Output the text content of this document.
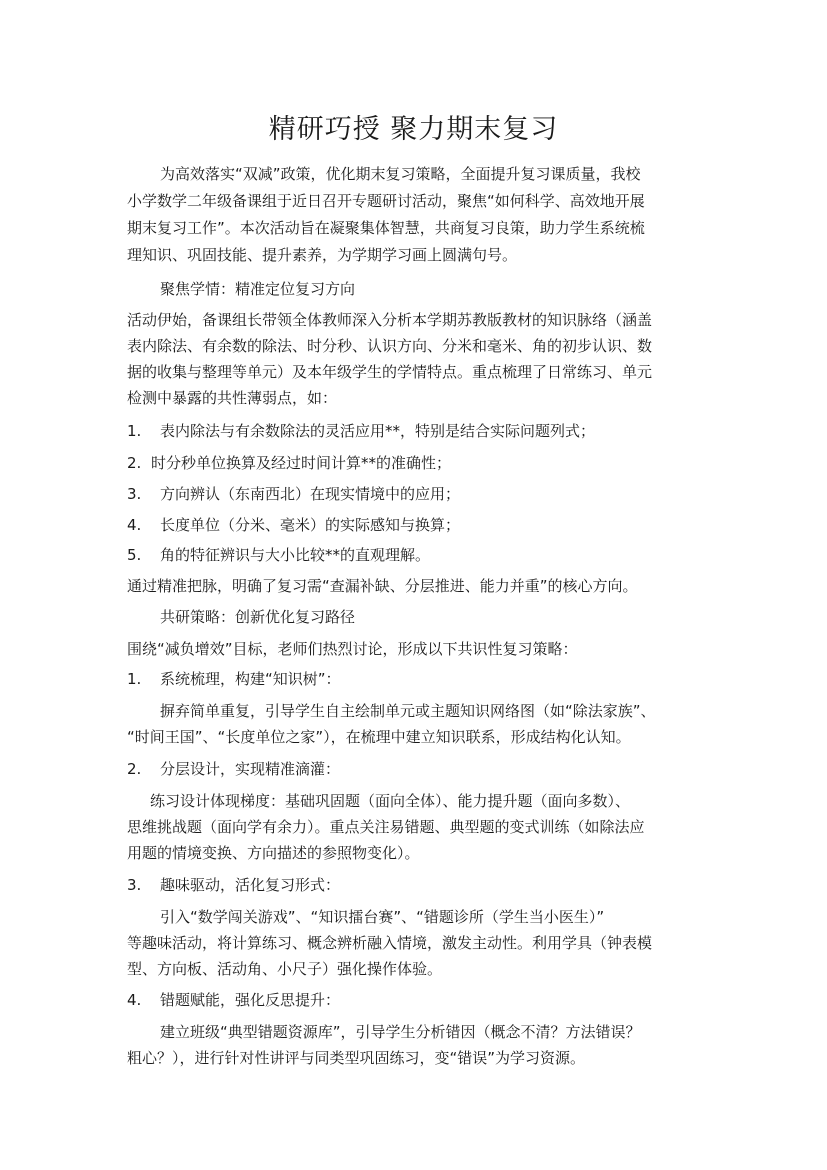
精研巧授 聚力期末复习

为高效落实“双减”政策，优化期末复习策略，全面提升复习课质量，我校

小学数学二年级备课组于近日召开专题研讨活动，聚焦“如何科学、高效地开展

期末复习工作”。本次活动旨在凝聚集体智慧，共商复习良策，助力学生系统梳

理知识、巩固技能、提升素养，为学期学习画上圆满句号。

聚焦学情：精准定位复习方向

活动伊始，备课组长带领全体教师深入分析本学期苏教版教材的知识脉络（涵盖

表内除法、有余数的除法、时分秒、认识方向、分米和毫米、角的初步认识、数

据的收集与整理等单元）及本年级学生的学情特点。重点梳理了日常练习、单元

检测中暴露的共性薄弱点，如：

1. 表内除法与有余数除法的灵活应用**，特别是结合实际问题列式；

2. 时分秒单位换算及经过时间计算**的准确性；

3. 方向辨认（东南西北）在现实情境中的应用；

4. 长度单位（分米、毫米）的实际感知与换算；

5. 角的特征辨识与大小比较**的直观理解。

通过精准把脉，明确了复习需“查漏补缺、分层推进、能力并重”的核心方向。

共研策略：创新优化复习路径

围绕“减负增效”目标，老师们热烈讨论，形成以下共识性复习策略：

1. 系统梳理，构建“知识树”：

摒弃简单重复，引导学生自主绘制单元或主题知识网络图（如“除法家族”、

“时间王国”、“长度单位之家”），在梳理中建立知识联系，形成结构化认知。

2. 分层设计，实现精准滴灌：

练习设计体现梯度：基础巩固题（面向全体）、能力提升题（面向多数）、

思维挑战题（面向学有余力）。重点关注易错题、典型题的变式训练（如除法应

用题的情境变换、方向描述的参照物变化）。

3. 趣味驱动，活化复习形式：

引入“数学闯关游戏”、“知识擂台赛”、“错题诊所（学生当小医生）”

等趣味活动，将计算练习、概念辨析融入情境，激发主动性。利用学具（钟表模

型、方向板、活动角、小尺子）强化操作体验。

4. 错题赋能，强化反思提升：

建立班级“典型错题资源库”，引导学生分析错因（概念不清？方法错误？

粗心？），进行针对性讲评与同类型巩固练习，变“错误”为学习资源。
